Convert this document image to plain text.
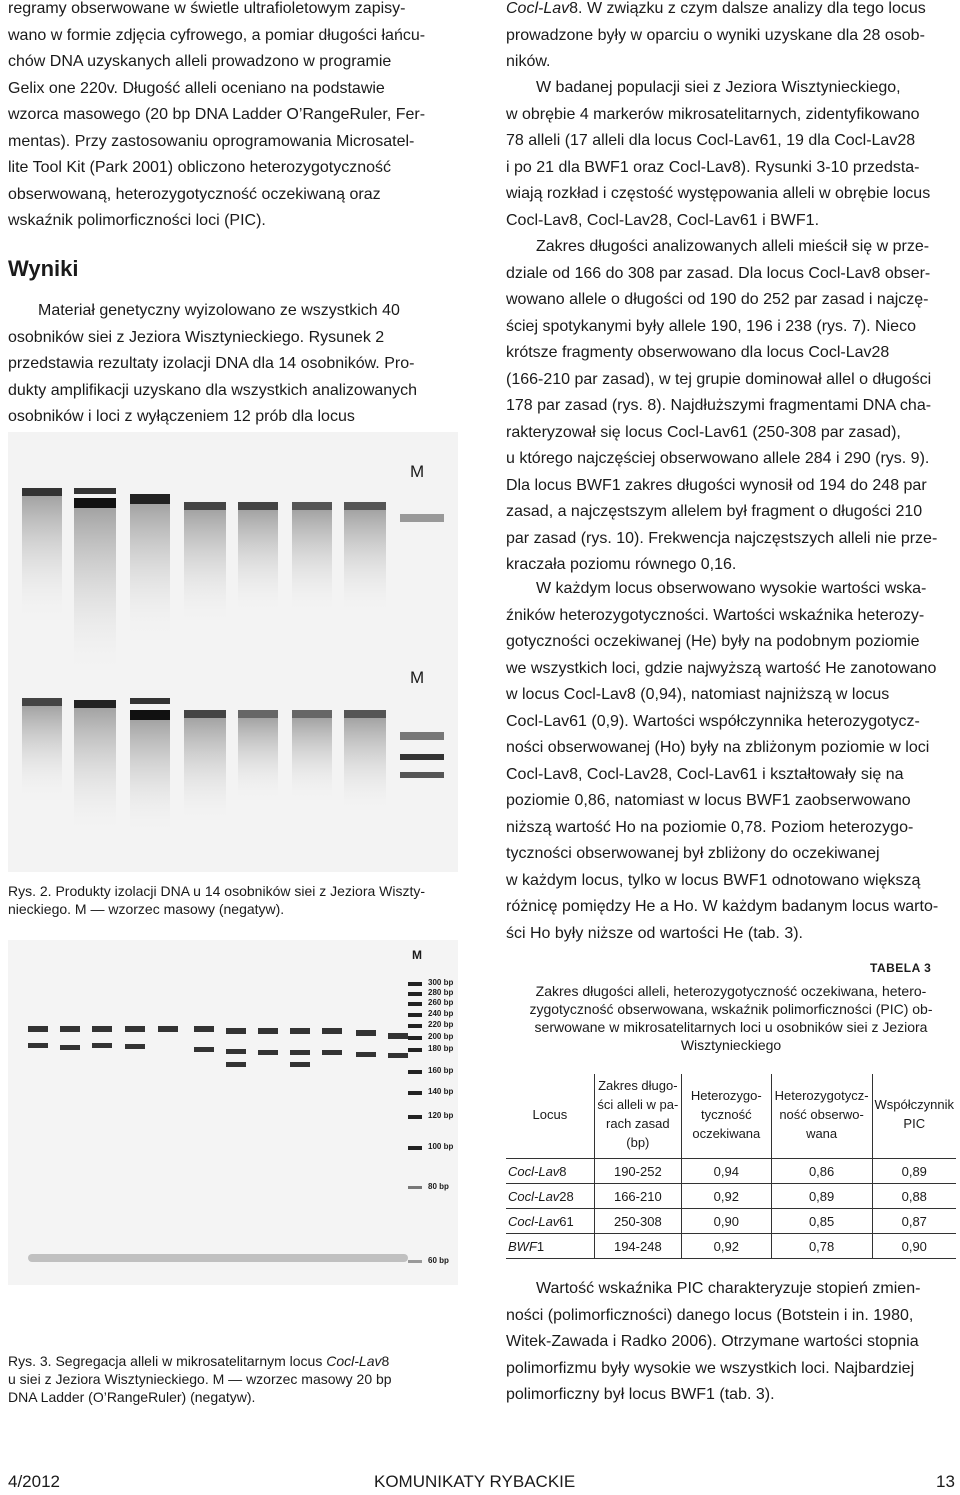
regramy obserwowane w świetle ultrafioletowym zapisy-
wano w formie zdjęcia cyfrowego, a pomiar długości łańcu-
chów DNA uzyskanych alleli prowadzono w programie
Gelix one 220v. Długość alleli oceniano na podstawie
wzorca masowego (20 bp DNA Ladder O’RangeRuler, Fer-
mentas). Przy zastosowaniu oprogramowania Microsatel-
lite Tool Kit (Park 2001) obliczono heterozygotyczność
obserwowaną, heterozygotyczność oczekiwaną oraz
wskaźnik polimorficzności loci (PIC).

Wyniki

Materiał genetyczny wyizolowano ze wszystkich 40
osobników siei z Jeziora Wisztynieckiego. Rysunek 2
przedstawia rezultaty izolacji DNA dla 14 osobników. Pro-
dukty amplifikacji uzyskano dla wszystkich analizowanych
osobników i loci z wyłączeniem 12 prób dla locus

M
M

Rys. 2. Produkty izolacji DNA u 14 osobników siei z Jeziora Wiszty-
nieckiego. M — wzorzec masowy (negatyw).

M
300 bp
280 bp
260 bp
240 bp
220 bp
200 bp
180 bp
160 bp
140 bp
120 bp
100 bp
80 bp
60 bp

Rys. 3. Segregacja alleli w mikrosatelitarnym locus Cocl-Lav8
u siei z Jeziora Wisztynieckiego. M — wzorzec masowy 20 bp
DNA Ladder (O’RangeRuler) (negatyw).

Cocl-Lav8. W związku z czym dalsze analizy dla tego locus
prowadzone były w oparciu o wyniki uzyskane dla 28 osob-
ników.

W badanej populacji siei z Jeziora Wisztynieckiego,
w obrębie 4 markerów mikrosatelitarnych, zidentyfikowano
78 alleli (17 alleli dla locus Cocl-Lav61, 19 dla Cocl-Lav28
i po 21 dla BWF1 oraz Cocl-Lav8). Rysunki 3-10 przedsta-
wiają rozkład i częstość występowania alleli w obrębie locus
Cocl-Lav8, Cocl-Lav28, Cocl-Lav61 i BWF1.

Zakres długości analizowanych alleli mieścił się w prze-
dziale od 166 do 308 par zasad. Dla locus Cocl-Lav8 obser-
wowano allele o długości od 190 do 252 par zasad i najczę-
ściej spotykanymi były allele 190, 196 i 238 (rys. 7). Nieco
krótsze fragmenty obserwowano dla locus Cocl-Lav28
(166-210 par zasad), w tej grupie dominował allel o długości
178 par zasad (rys. 8). Najdłuższymi fragmentami DNA cha-
rakteryzował się locus Cocl-Lav61 (250-308 par zasad),
u którego najczęściej obserwowano allele 284 i 290 (rys. 9).
Dla locus BWF1 zakres długości wynosił od 194 do 248 par
zasad, a najczęstszym allelem był fragment o długości 210
par zasad (rys. 10). Frekwencja najczęstszych alleli nie prze-
kraczała poziomu równego 0,16.

W każdym locus obserwowano wysokie wartości wska-
źników heterozygotyczności. Wartości wskaźnika heterozy-
gotyczności oczekiwanej (He) były na podobnym poziomie
we wszystkich loci, gdzie najwyższą wartość He zanotowano
w locus Cocl-Lav8 (0,94), natomiast najniższą w locus
Cocl-Lav61 (0,9). Wartości współczynnika heterozygotycz-
ności obserwowanej (Ho) były na zbliżonym poziomie w loci
Cocl-Lav8, Cocl-Lav28, Cocl-Lav61 i kształtowały się na
poziomie 0,86, natomiast w locus BWF1 zaobserwowano
niższą wartość Ho na poziomie 0,78. Poziom heterozygo-
tyczności obserwowanej był zbliżony do oczekiwanej
w każdym locus, tylko w locus BWF1 odnotowano większą
różnicę pomiędzy He a Ho. W każdym badanym locus warto-
ści Ho były niższe od wartości He (tab. 3).

TABELA 3

Zakres długości alleli, heterozygotyczność oczekiwana, hetero-
zygotyczność obserwowana, wskaźnik polimorficzności (PIC) ob-
serwowane w mikrosatelitarnych loci u osobników siei z Jeziora
Wisztynieckiego

Locus	Zakres długo-
ści alleli w pa-
rach zasad
(bp)	Heterozygo-
tyczność
oczekiwana	Heterozygotycz-
ność obserwo-
wana	Współczynnik
PIC
Cocl-Lav8	190-252	0,94	0,86	0,89
Cocl-Lav28	166-210	0,92	0,89	0,88
Cocl-Lav61	250-308	0,90	0,85	0,87
BWF1	194-248	0,92	0,78	0,90

Wartość wskaźnika PIC charakteryzuje stopień zmien-
ności (polimorficzności) danego locus (Botstein i in. 1980,
Witek-Zawada i Radko 2006). Otrzymane wartości stopnia
polimorfizmu były wysokie we wszystkich loci. Najbardziej
polimorficzny był locus BWF1 (tab. 3).

4/2012	KOMUNIKATY RYBACKIE	13
